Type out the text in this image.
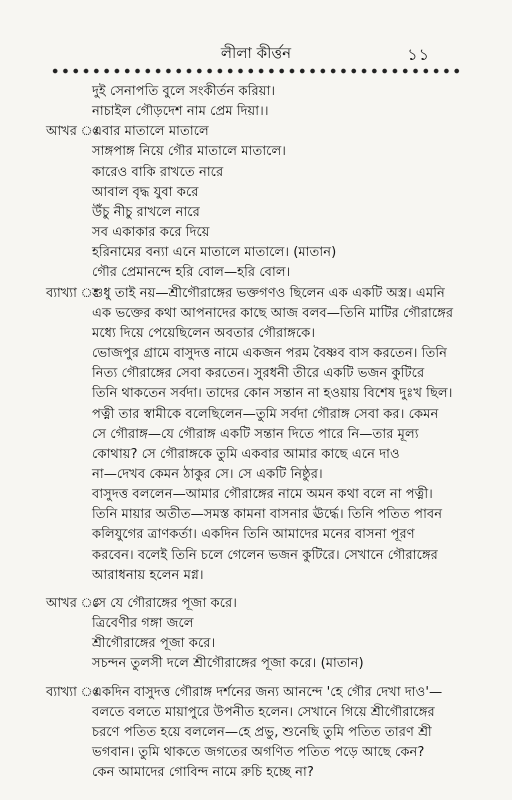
লীলা কীর্ত্তন	১১
দুই সেনাপতি বুলে সংকীর্তন করিয়া।
নাচাইল গৌড়দেশ নাম প্রেম দিয়া।।
আখর ঃ
এবার মাতালে মাতালে
সাঙ্গপাঙ্গ নিয়ে গৌর মাতালে মাতালে।
কারেও বাকি রাখতে নারে
আবাল বৃদ্ধ যুবা করে
উঁচু নীচু রাখলে নারে
সব একাকার করে দিয়ে
হরিনামের বন্যা এনে মাতালে মাতালে। (মাতান)
গৌর প্রেমানন্দে হরি বোল—হরি বোল।
ব্যাখ্যা ঃ
শুধু তাই নয়—শ্রীগৌরাঙ্গের ভক্তগণও ছিলেন এক একটি অস্ত্র। এমনি
এক ভক্তের কথা আপনাদের কাছে আজ বলব—তিনি মাটির গৌরাঙ্গের
মধ্যে দিয়ে পেয়েছিলেন অবতার গৌরাঙ্গকে।
ভোজপুর গ্রামে বাসুদত্ত নামে একজন পরম বৈষ্ণব বাস করতেন। তিনি
নিত্য গৌরাঙ্গের সেবা করতেন। সুরধনী তীরে একটি ভজন কুটিরে
তিনি থাকতেন সর্বদা। তাদের কোন সন্তান না হওয়ায় বিশেষ দুঃখ ছিল।
পত্নী তার স্বামীকে বলেছিলেন—তুমি সর্বদা গৌরাঙ্গ সেবা কর। কেমন
সে গৌরাঙ্গ—যে গৌরাঙ্গ একটি সন্তান দিতে পারে নি—তার মূল্য
কোথায়? সে গৌরাঙ্গকে তুমি একবার আমার কাছে এনে দাও
না—দেখব কেমন ঠাকুর সে। সে একটি নিষ্ঠুর।
বাসুদত্ত বললেন—আমার গৌরাঙ্গের নামে অমন কথা বলে না পত্নী।
তিনি মায়ার অতীত—সমস্ত কামনা বাসনার ঊর্দ্ধে। তিনি পতিত পাবন
কলিযুগের ত্রাণকর্তা। একদিন তিনি আমাদের মনের বাসনা পূরণ
করবেন। বলেই তিনি চলে গেলেন ভজন কুটিরে। সেখানে গৌরাঙ্গের
আরাধনায় হলেন মগ্ন।
আখর ঃ
সে যে গৌরাঙ্গের পূজা করে।
ত্রিবেণীর গঙ্গা জলে
শ্রীগৌরাঙ্গের পূজা করে।
সচন্দন তুলসী দলে শ্রীগৌরাঙ্গের পূজা করে। (মাতান)
ব্যাখ্যা ঃ
একদিন বাসুদত্ত গৌরাঙ্গ দর্শনের জন্য আনন্দে 'হে গৌর দেখা দাও'—
বলতে বলতে মায়াপুরে উপনীত হলেন। সেখানে গিয়ে শ্রীগৌরাঙ্গের
চরণে পতিত হয়ে বললেন—হে প্রভু, শুনেছি তুমি পতিত তারণ শ্রী
ভগবান। তুমি থাকতে জগতের অগণিত পতিত পড়ে আছে কেন?
কেন আমাদের গোবিন্দ নামে রুচি হচ্ছে না?
